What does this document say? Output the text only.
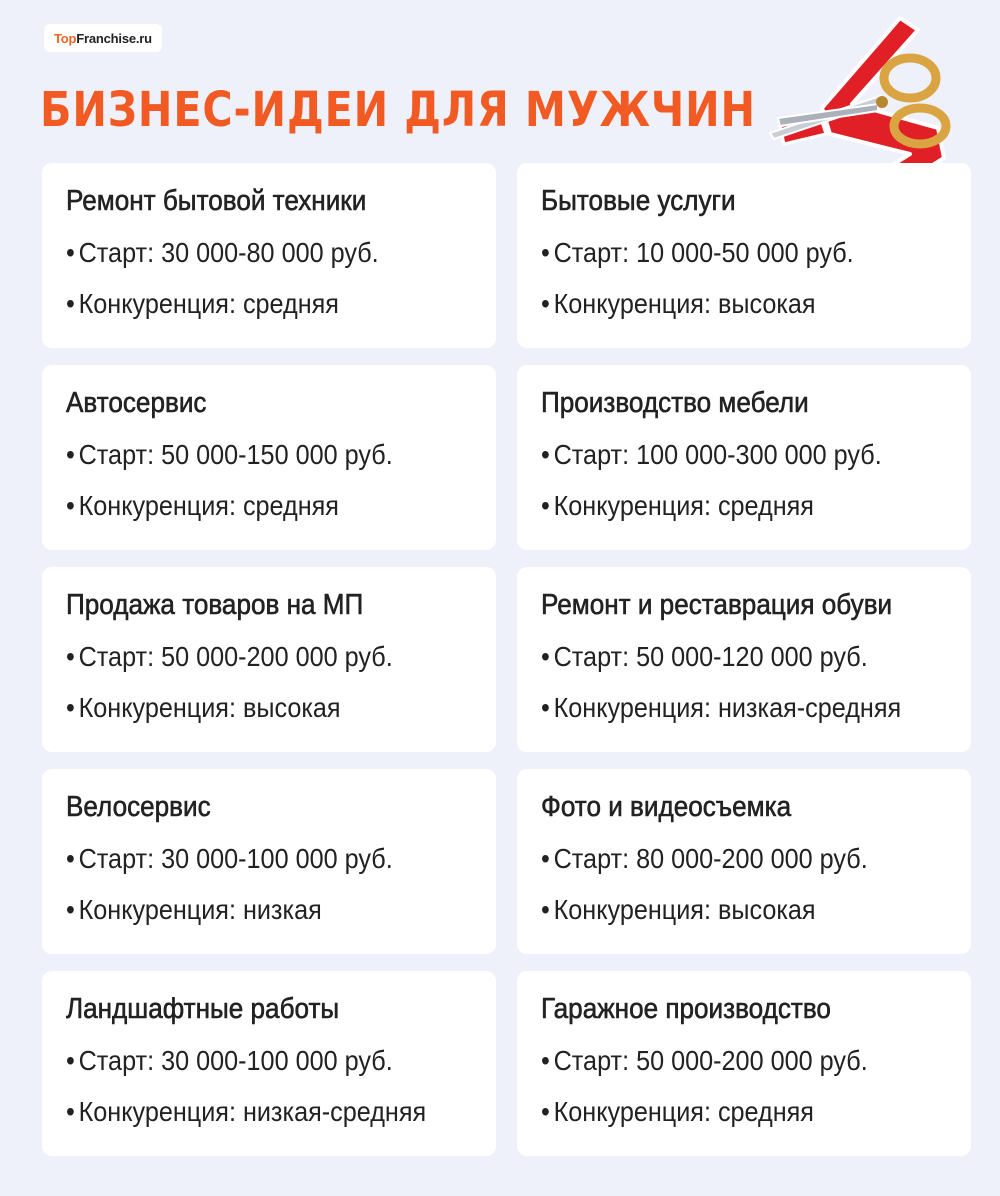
Top Franchise.ru
БИЗНЕС-ИДЕИ ДЛЯ МУЖЧИН
Ремонт бытовой техники
• Старт: 30 000-80 000 руб.
• Конкуренция: средняя
Бытовые услуги
• Старт: 10 000-50 000 руб.
• Конкуренция: высокая
Автосервис
• Старт: 50 000-150 000 руб.
• Конкуренция: средняя
Производство мебели
• Старт: 100 000-300 000 руб.
• Конкуренция: средняя
Продажа товаров на МП
• Старт: 50 000-200 000 руб.
• Конкуренция: высокая
Ремонт и реставрация обуви
• Старт: 50 000-120 000 руб.
• Конкуренция: низкая-средняя
Велосервис
• Старт: 30 000-100 000 руб.
• Конкуренция: низкая
Фото и видеосъемка
• Старт: 80 000-200 000 руб.
• Конкуренция: высокая
Ландшафтные работы
• Старт: 30 000-100 000 руб.
• Конкуренция: низкая-средняя
Гаражное производство
• Старт: 50 000-200 000 руб.
• Конкуренция: средняя
